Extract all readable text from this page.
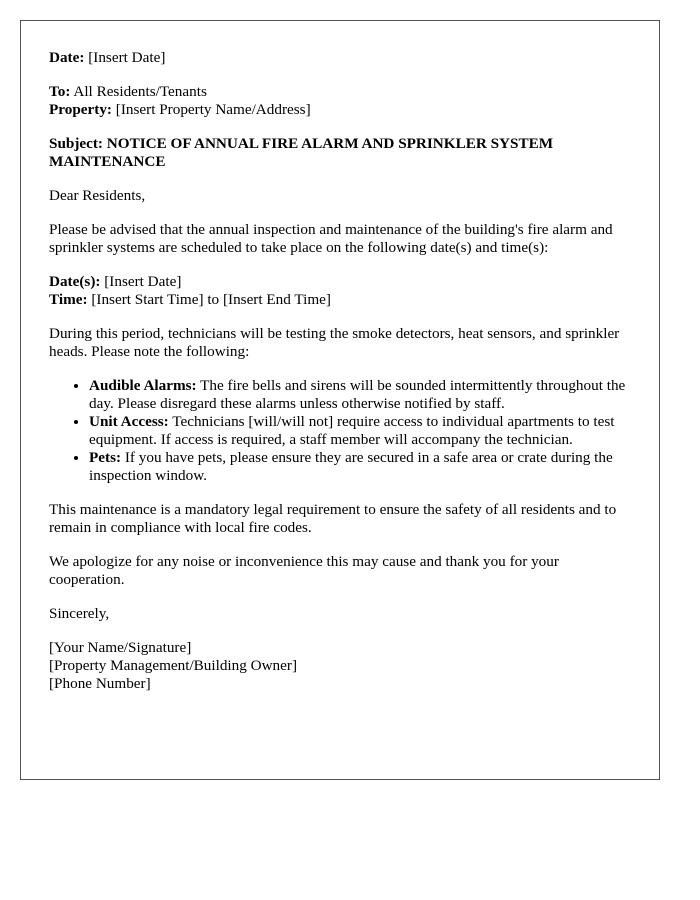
Date: [Insert Date]
To: All Residents/Tenants
Property: [Insert Property Name/Address]
Subject: NOTICE OF ANNUAL FIRE ALARM AND SPRINKLER SYSTEM MAINTENANCE

Dear Residents,

Please be advised that the annual inspection and maintenance of the building's fire alarm and sprinkler systems are scheduled to take place on the following date(s) and time(s):

Date(s): [Insert Date]
Time: [Insert Start Time] to [Insert End Time]

During this period, technicians will be testing the smoke detectors, heat sensors, and sprinkler heads. Please note the following:

• Audible Alarms: The fire bells and sirens will be sounded intermittently throughout the day. Please disregard these alarms unless otherwise notified by staff.
• Unit Access: Technicians [will/will not] require access to individual apartments to test equipment. If access is required, a staff member will accompany the technician.
• Pets: If you have pets, please ensure they are secured in a safe area or crate during the inspection window.

This maintenance is a mandatory legal requirement to ensure the safety of all residents and to remain in compliance with local fire codes.

We apologize for any noise or inconvenience this may cause and thank you for your cooperation.

Sincerely,

[Your Name/Signature]
[Property Management/Building Owner]
[Phone Number]
